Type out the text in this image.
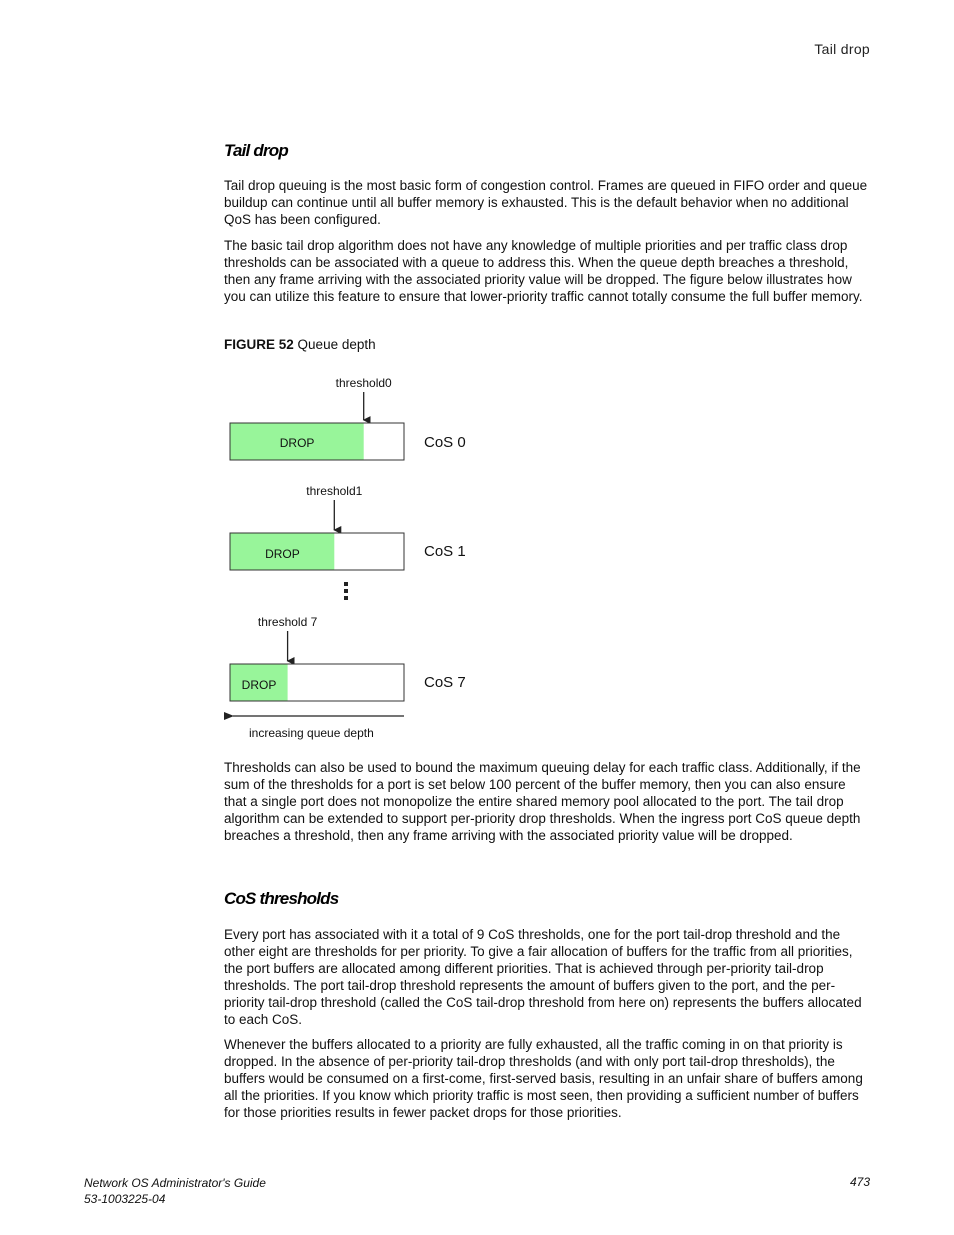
Tail drop
Tail drop

Tail drop queuing is the most basic form of congestion control. Frames are queued in FIFO order and queue buildup can continue until all buffer memory is exhausted. This is the default behavior when no additional QoS has been configured.

The basic tail drop algorithm does not have any knowledge of multiple priorities and per traffic class drop thresholds can be associated with a queue to address this. When the queue depth breaches a threshold, then any frame arriving with the associated priority value will be dropped. The figure below illustrates how you can utilize this feature to ensure that lower-priority traffic cannot totally consume the full buffer memory.

FIGURE 52 Queue depth

threshold0
DROP	CoS 0
threshold1
DROP	CoS 1
threshold 7
DROP	CoS 7
increasing queue depth

Thresholds can also be used to bound the maximum queuing delay for each traffic class. Additionally, if the sum of the thresholds for a port is set below 100 percent of the buffer memory, then you can also ensure that a single port does not monopolize the entire shared memory pool allocated to the port. The tail drop algorithm can be extended to support per-priority drop thresholds. When the ingress port CoS queue depth breaches a threshold, then any frame arriving with the associated priority value will be dropped.

CoS thresholds

Every port has associated with it a total of 9 CoS thresholds, one for the port tail-drop threshold and the other eight are thresholds for per priority. To give a fair allocation of buffers for the traffic from all priorities, the port buffers are allocated among different priorities. That is achieved through per-priority tail-drop thresholds. The port tail-drop threshold represents the amount of buffers given to the port, and the per-priority tail-drop threshold (called the CoS tail-drop threshold from here on) represents the buffers allocated to each CoS.

Whenever the buffers allocated to a priority are fully exhausted, all the traffic coming in on that priority is dropped. In the absence of per-priority tail-drop thresholds (and with only port tail-drop thresholds), the buffers would be consumed on a first-come, first-served basis, resulting in an unfair share of buffers among all the priorities. If you know which priority traffic is most seen, then providing a sufficient number of buffers for those priorities results in fewer packet drops for those priorities.

Network OS Administrator's Guide
53-1003225-04
473
